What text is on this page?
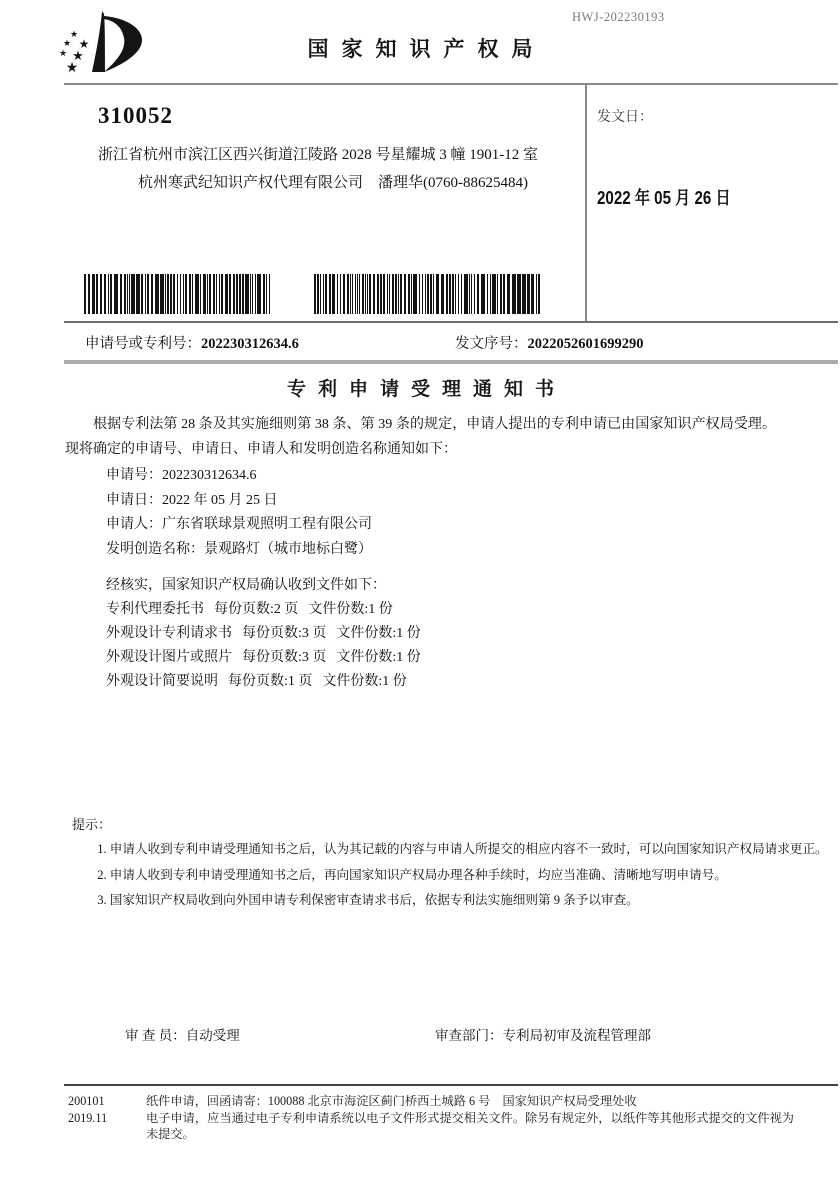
HWJ-202230193
★
★ ★
★ ★
★
国家知识产权局
310052
浙江省杭州市滨江区西兴街道江陵路 2028 号星耀城 3 幢 1901-12 室
杭州寒武纪知识产权代理有限公司　潘理华(0760-88625484)
发文日：
2022 年 05 月 26 日
申请号或专利号：202230312634.6	发文序号：2022052601699290
专利申请受理通知书

根据专利法第 28 条及其实施细则第 38 条、第 39 条的规定，申请人提出的专利申请已由国家知识产权局受理。现将确定的申请号、申请日、申请人和发明创造名称通知如下：

申请号：202230312634.6
申请日：2022 年 05 月 25 日
申请人：广东省联球景观照明工程有限公司
发明创造名称：景观路灯（城市地标白鹭）

经核实，国家知识产权局确认收到文件如下：

专利代理委托书 每份页数:2 页 文件份数:1 份
外观设计专利请求书 每份页数:3 页 文件份数:1 份
外观设计图片或照片 每份页数:3 页 文件份数:1 份
外观设计简要说明 每份页数:1 页 文件份数:1 份
提示：

1. 申请人收到专利申请受理通知书之后，认为其记载的内容与申请人所提交的相应内容不一致时，可以向国家知识产权局请求更正。

2. 申请人收到专利申请受理通知书之后，再向国家知识产权局办理各种手续时，均应当准确、清晰地写明申请号。

3. 国家知识产权局收到向外国申请专利保密审查请求书后，依据专利法实施细则第 9 条予以审查。

审 查 员：自动受理	审查部门：专利局初审及流程管理部
200101	纸件申请，回函请寄：100088 北京市海淀区蓟门桥西土城路 6 号　国家知识产权局受理处收
2019.11	电子申请，应当通过电子专利申请系统以电子文件形式提交相关文件。除另有规定外，以纸件等其他形式提交的文件视为未提交。
